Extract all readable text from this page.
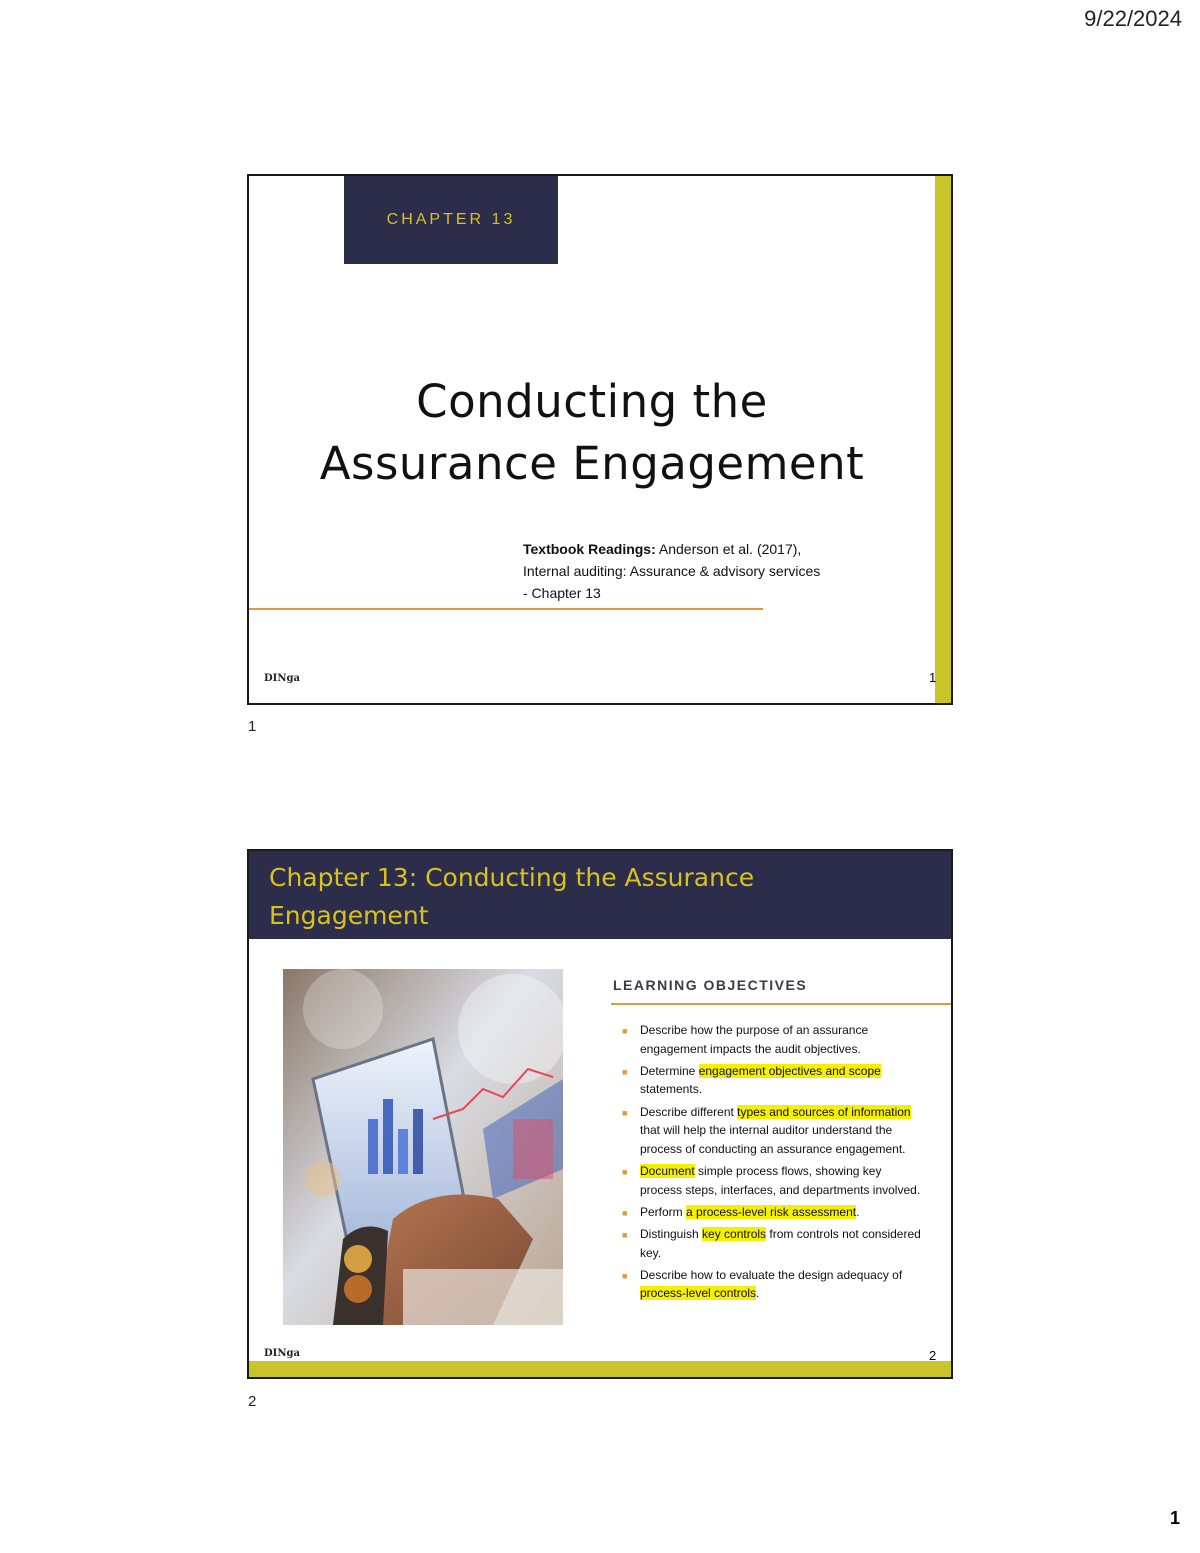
9/22/2024
CHAPTER 13
Conducting the
Assurance Engagement
Textbook Readings: Anderson et al. (2017),
Internal auditing: Assurance & advisory services
- Chapter 13
DINga	1
1
Chapter 13: Conducting the Assurance Engagement
LEARNING OBJECTIVES
■ Describe how the purpose of an assurance engagement impacts the audit objectives.
■ Determine engagement objectives and scope statements.
■ Describe different types and sources of information that will help the internal auditor understand the process of conducting an assurance engagement.
■ Document simple process flows, showing key process steps, interfaces, and departments involved.
■ Perform a process-level risk assessment.
■ Distinguish key controls from controls not considered key.
■ Describe how to evaluate the design adequacy of process-level controls.
DINga	2
2
1
